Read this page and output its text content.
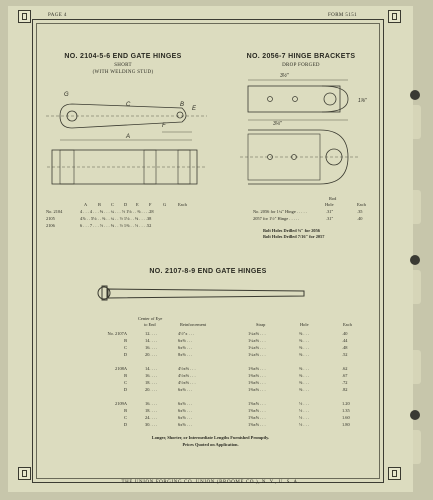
PAGE 4	FORM 5151
NO. 2104-5-6 END GATE HINGES
SHORT
(WITH WELDING STUD)
G
C	B
E
A
F
NO. 2056-7 HINGE BRACKETS
DROP FORGED
3½"
3¼"
1⅜"
Rod
Hole	Each
Bolt Holes Drilled ⅜" for 2056
Bolt Holes Drilled 7/16" for 2057
NO. 2107-8-9 END GATE HINGES
Center of Eye
to End	Reinforcement	Strap	Hole	Each
Longer, Shorter, or Intermediate Lengths Furnished Promptly.
Prices Quoted on Application.
THE UNION FORGING CO. UNION (BROOME CO.), N. Y., U. S. A.
A B C D E F	G	Each
No. 2104	4 . . . 4 . . . ⅜ . . . ¼ . . . ½ 1⅛ . . ⅜ . . . .28
2105	4⅞ . . 5⅛ . . ⅜ . . ¼ . . ½ 1⅛ . . ⅜ . . . .38
2106	6 . . . 7 . . . ½ . . . ⅜ . . ½ 1⅜ . . ½ . . . .52
No. 2056 for 1¼" Hinge . . . . .	.31"	.35
2057 for 1½" Hinge . . . . .	.31"	.40
No. 2107A	12. . . .	4½"x . . .	1¼x⅜ . . .	⅜ . . .	.40
B	14. . . .	6x⅜ . . .	1¼x⅜ . . .	⅜ . . .	.44
C	16. . . .	6x⅜ . . .	1¼x⅜ . . .	⅜ . . .	.48
D	20. . . .	8x⅜ . . .	1¼x⅜ . . .	⅜ . . .	.52
2108A	14. . . .	4½x⅜ . . .	1⅜x⅜ . . .	⅜ . . .	.62
B	16. . . .	4½x⅜ . . .	1⅜x⅜ . . .	⅜ . . .	.67
C	18. . . .	4½x⅜ . . .	1⅜x⅜ . . .	⅜ . . .	.72
D	20. . . .	6x⅜ . . .	1⅜x⅜ . . .	⅜ . . .	.82
2109A	16. . . .	6x⅝ . . .	1⅝x⅝ . . .	½ . . .	1.20
B	18. . . .	6x⅝ . . .	1⅝x⅝ . . .	½ . . .	1.35
C	24. . . .	6x⅝ . . .	1⅝x⅝ . . .	½ . . .	1.60
D	30. . . .	6x⅝ . . .	1⅝x⅝ . . .	½ . . .	1.80
